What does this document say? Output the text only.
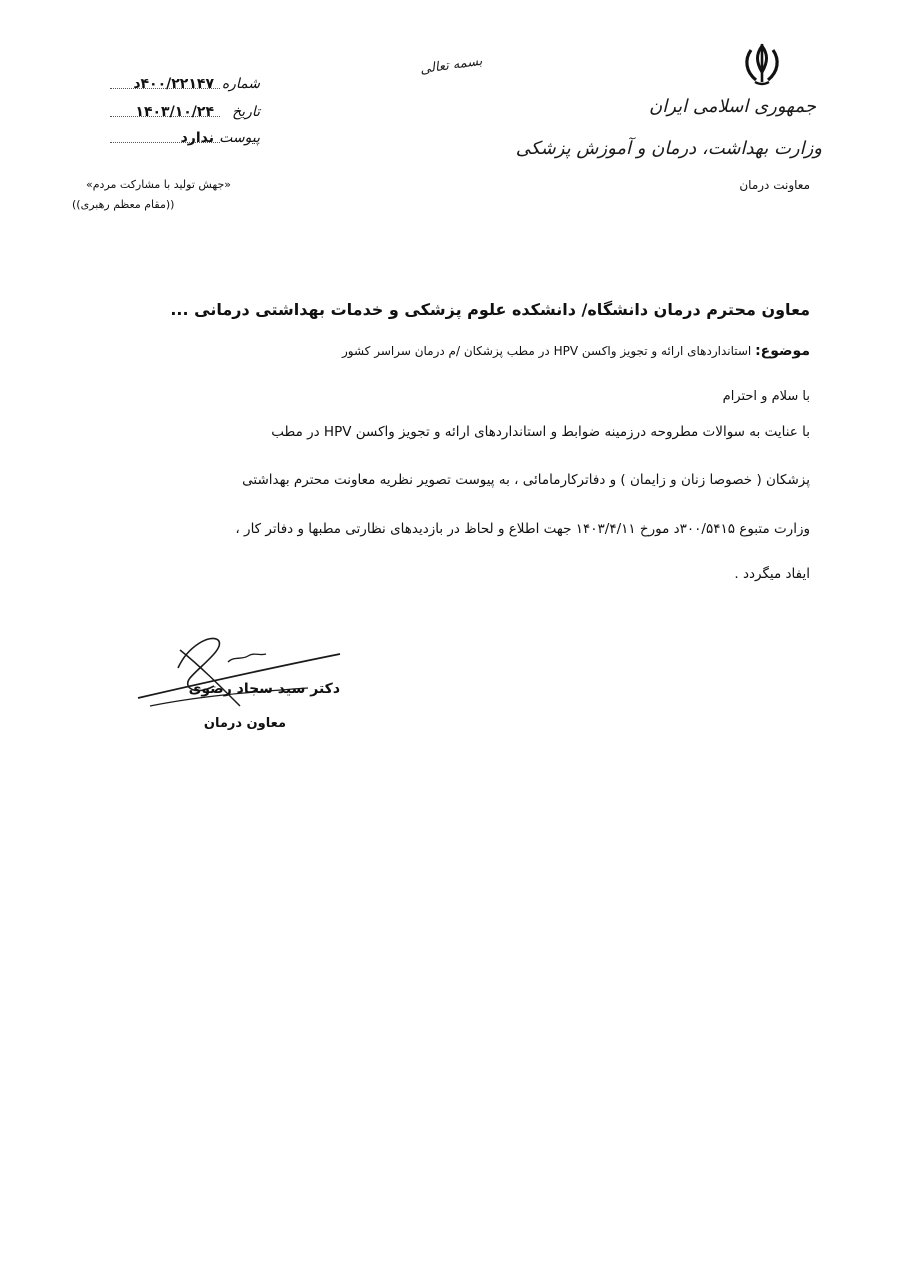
بسمه تعالی
جمهوری اسلامی ایران
وزارت بهداشت، درمان و آموزش پزشکی
معاونت درمان
شماره
۴۰۰/۲۲۱۴۷د
تاریخ
۱۴۰۳/۱۰/۲۴
پیوست
ندارد
«جهش تولید با مشارکت مردم»
((مقام معظم رهبری))
معاون محترم درمان دانشگاه/ دانشکده علوم پزشکی و خدمات بهداشتی درمانی ...
موضوع: استانداردهای ارائه و تجویز واکسن HPV در مطب پزشکان /م درمان سراسر کشور
با سلام و احترام
با عنایت به سوالات مطروحه درزمینه ضوابط و استانداردهای ارائه و تجویز واکسن HPV در مطب
پزشکان ( خصوصا زنان و زایمان ) و دفاترکارمامائی ، به پیوست تصویر نظریه معاونت محترم بهداشتی
وزارت متبوع ۳۰۰/۵۴۱۵د مورخ ۱۴۰۳/۴/۱۱ جهت اطلاع و لحاظ در بازدیدهای نظارتی مطبها و دفاتر کار ،
ایفاد میگردد .
دکتر سید سجاد رضوی
معاون درمان
